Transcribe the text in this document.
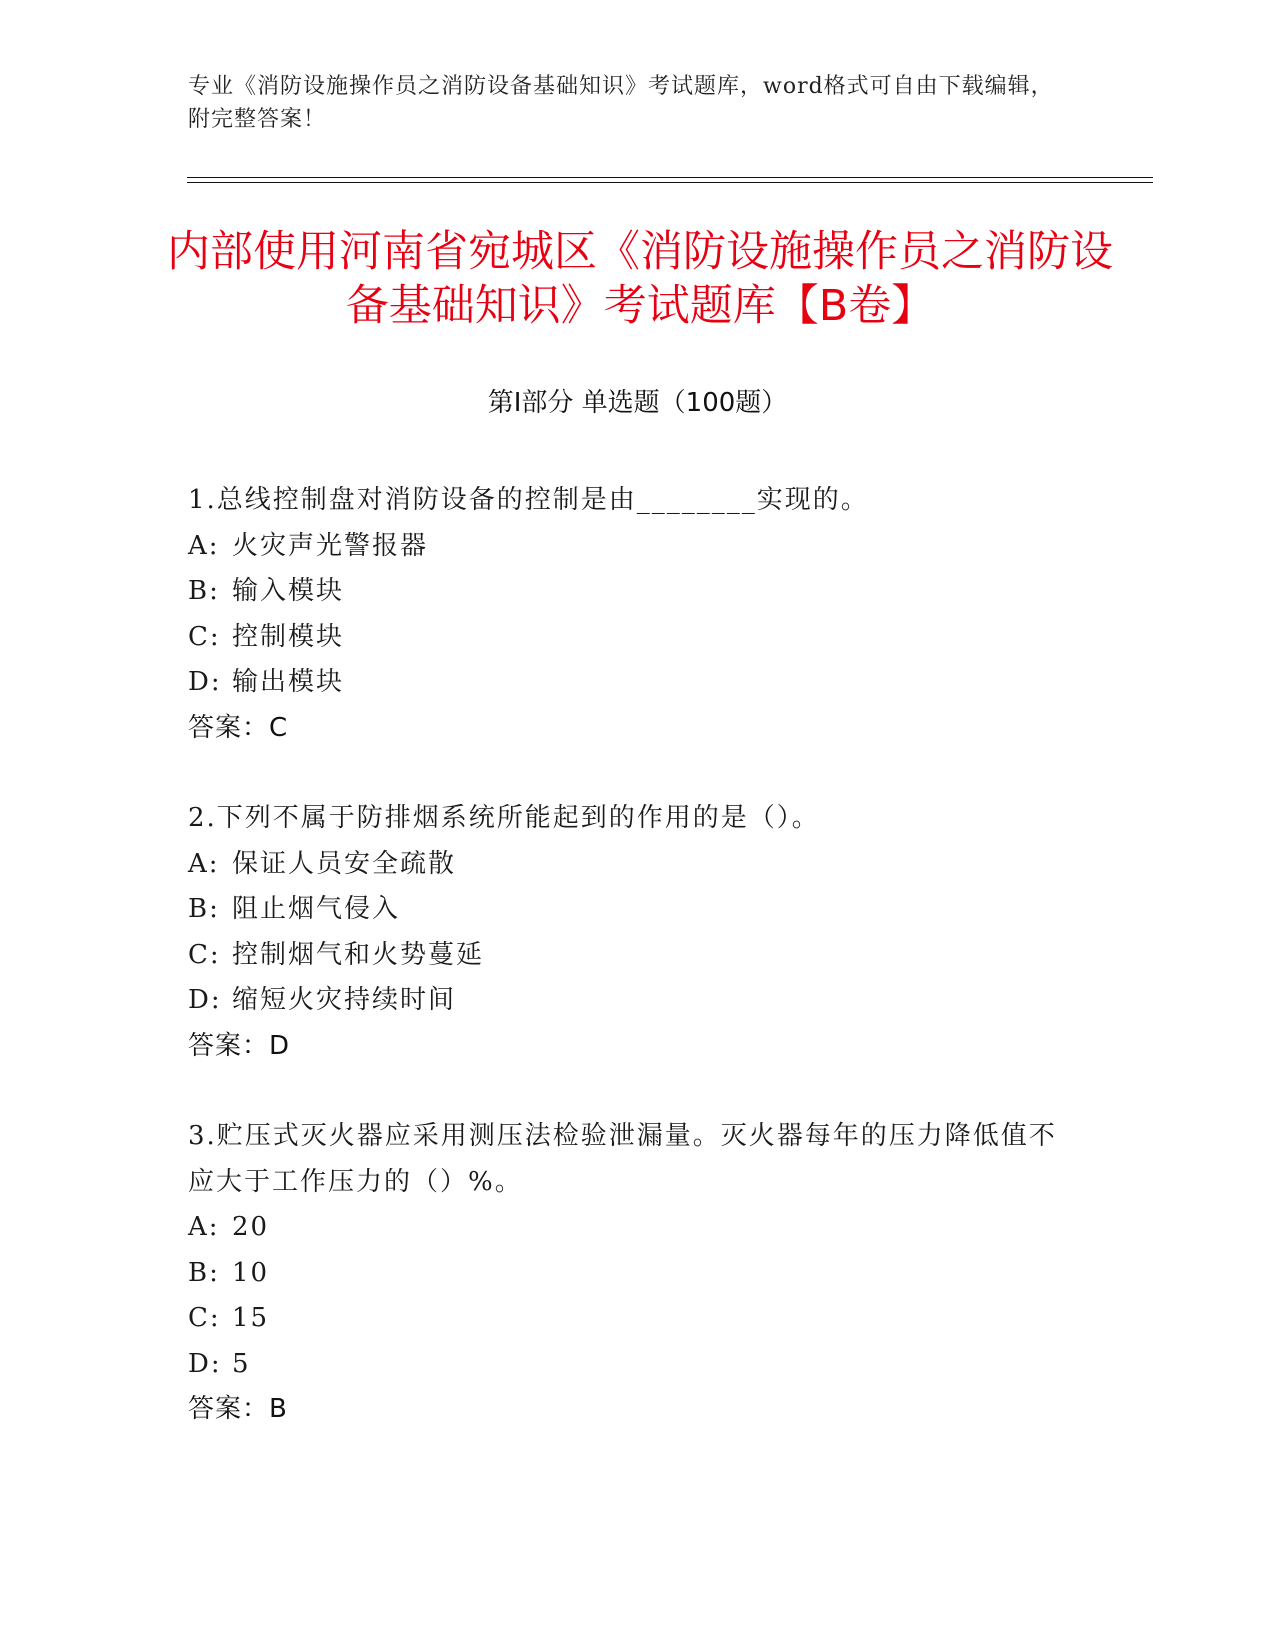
专业《消防设施操作员之消防设备基础知识》考试题库，word格式可自由下载编辑，附完整答案！
内部使用河南省宛城区《消防设施操作员之消防设备基础知识》考试题库【B卷】
第I部分 单选题（100题）
1.总线控制盘对消防设备的控制是由________实现的。
A: 火灾声光警报器
B: 输入模块
C: 控制模块
D: 输出模块
答案：C
2.下列不属于防排烟系统所能起到的作用的是（）。
A: 保证人员安全疏散
B: 阻止烟气侵入
C: 控制烟气和火势蔓延
D: 缩短火灾持续时间
答案：D
3.贮压式灭火器应采用测压法检验泄漏量。灭火器每年的压力降低值不应大于工作压力的（）%。
A: 20
B: 10
C: 15
D: 5
答案：B
